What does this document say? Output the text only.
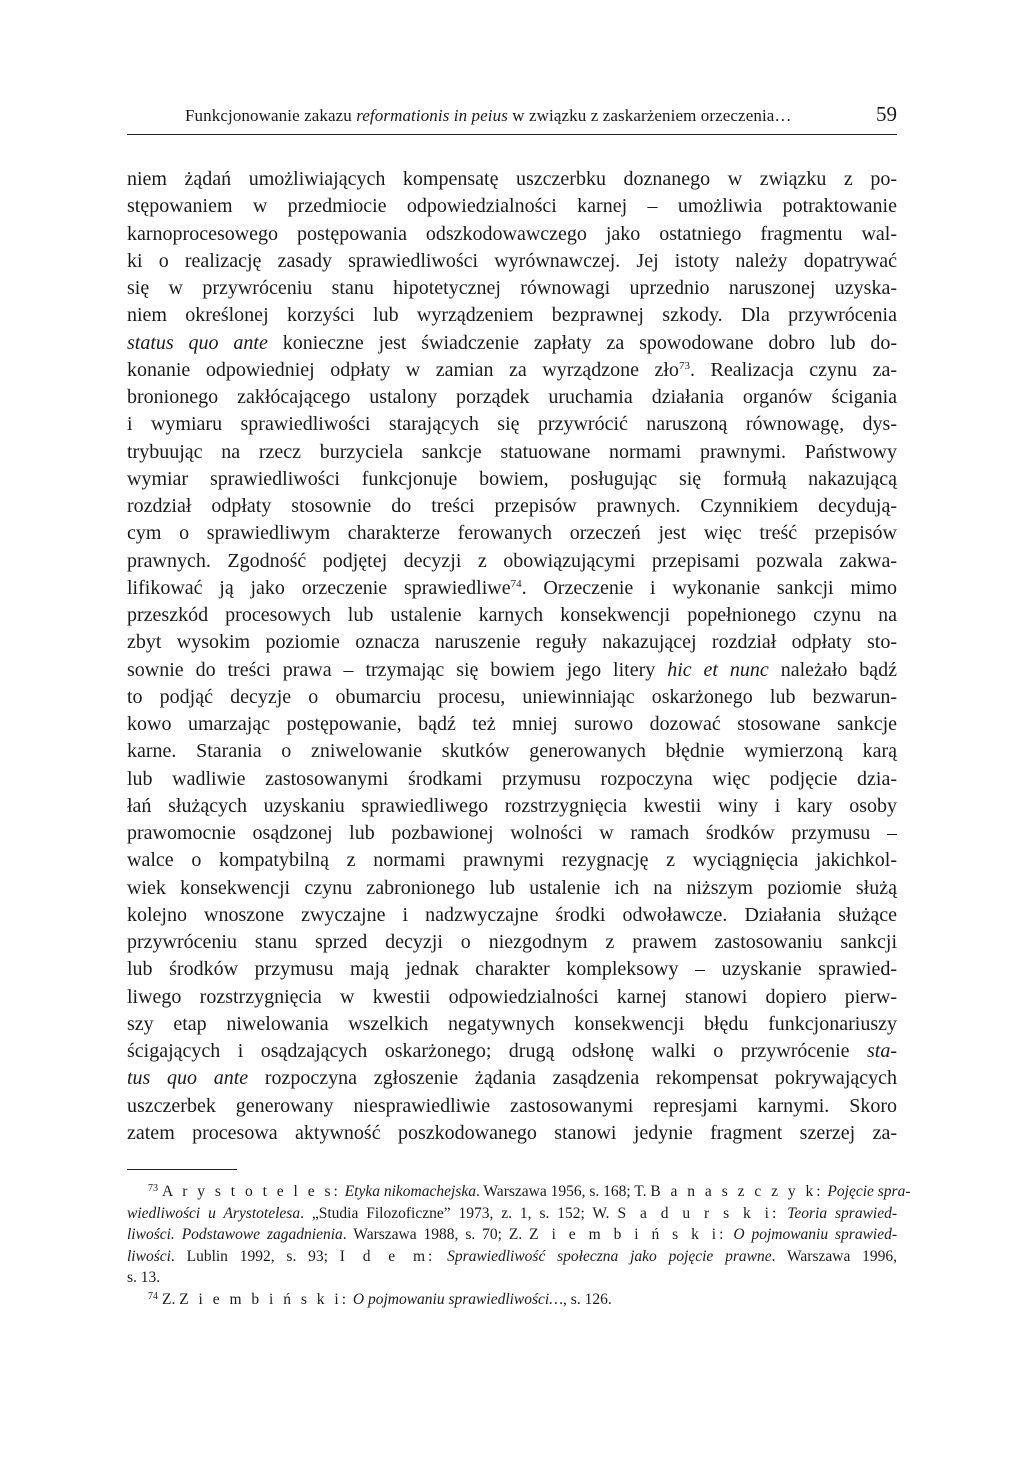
Funkcjonowanie zakazu reformationis in peius w związku z zaskarżeniem orzeczenia…	59
niem żądań umożliwiających kompensatę uszczerbku doznanego w związku z po-
stępowaniem w przedmiocie odpowiedzialności karnej – umożliwia potraktowanie
karnoprocesowego postępowania odszkodowawczego jako ostatniego fragmentu wal-
ki o realizację zasady sprawiedliwości wyrównawczej. Jej istoty należy dopatrywać
się w przywróceniu stanu hipotetycznej równowagi uprzednio naruszonej uzyska-
niem określonej korzyści lub wyrządzeniem bezprawnej szkody. Dla przywrócenia
status quo ante konieczne jest świadczenie zapłaty za spowodowane dobro lub do-
konanie odpowiedniej odpłaty w zamian za wyrządzone zło$^{73}$. Realizacja czynu za-
bronionego zakłócającego ustalony porządek uruchamia działania organów ścigania
i wymiaru sprawiedliwości starających się przywrócić naruszoną równowagę, dys-
trybuując na rzecz burzyciela sankcje statuowane normami prawnymi. Państwowy
wymiar sprawiedliwości funkcjonuje bowiem, posługując się formułą nakazującą
rozdział odpłaty stosownie do treści przepisów prawnych. Czynnikiem decydują-
cym o sprawiedliwym charakterze ferowanych orzeczeń jest więc treść przepisów
prawnych. Zgodność podjętej decyzji z obowiązującymi przepisami pozwala zakwa-
lifikować ją jako orzeczenie sprawiedliwe$^{74}$. Orzeczenie i wykonanie sankcji mimo
przeszkód procesowych lub ustalenie karnych konsekwencji popełnionego czynu na
zbyt wysokim poziomie oznacza naruszenie reguły nakazującej rozdział odpłaty sto-
sownie do treści prawa – trzymając się bowiem jego litery hic et nunc należało bądź
to podjąć decyzje o obumarciu procesu, uniewinniając oskarżonego lub bezwarun-
kowo umarzając postępowanie, bądź też mniej surowo dozować stosowane sankcje
karne. Starania o zniwelowanie skutków generowanych błędnie wymierzoną karą
lub wadliwie zastosowanymi środkami przymusu rozpoczyna więc podjęcie dzia-
łań służących uzyskaniu sprawiedliwego rozstrzygnięcia kwestii winy i kary osoby
prawomocnie osądzonej lub pozbawionej wolności w ramach środków przymusu –
walce o kompatybilną z normami prawnymi rezygnację z wyciągnięcia jakichkol-
wiek konsekwencji czynu zabronionego lub ustalenie ich na niższym poziomie służą
kolejno wnoszone zwyczajne i nadzwyczajne środki odwoławcze. Działania służące
przywróceniu stanu sprzed decyzji o niezgodnym z prawem zastosowaniu sankcji
lub środków przymusu mają jednak charakter kompleksowy – uzyskanie sprawied-
liwego rozstrzygnięcia w kwestii odpowiedzialności karnej stanowi dopiero pierw-
szy etap niwelowania wszelkich negatywnych konsekwencji błędu funkcjonariuszy
ścigających i osądzających oskarżonego; drugą odsłonę walki o przywrócenie sta-
tus quo ante rozpoczyna zgłoszenie żądania zasądzenia rekompensat pokrywających
uszczerbek generowany niesprawiedliwie zastosowanymi represjami karnymi. Skoro
zatem procesowa aktywność poszkodowanego stanowi jedynie fragment szerzej za-
$^{73}$ A r y s t o t e l e s: Etyka nikomachejska. Warszawa 1956, s. 168; T. B a n a s z c z y k: Pojęcie spra-
wiedliwości u Arystotelesa. „Studia Filozoficzne” 1973, z. 1, s. 152; W. S a d u r s k i: Teoria sprawied-
liwości. Podstawowe zagadnienia. Warszawa 1988, s. 70; Z. Z i e m b i ń s k i: O pojmowaniu sprawied-
liwości. Lublin 1992, s. 93; I d e m: Sprawiedliwość społeczna jako pojęcie prawne. Warszawa 1996,
s. 13.
$^{74}$ Z. Z i e m b i ń s k i: O pojmowaniu sprawiedliwości…, s. 126.
